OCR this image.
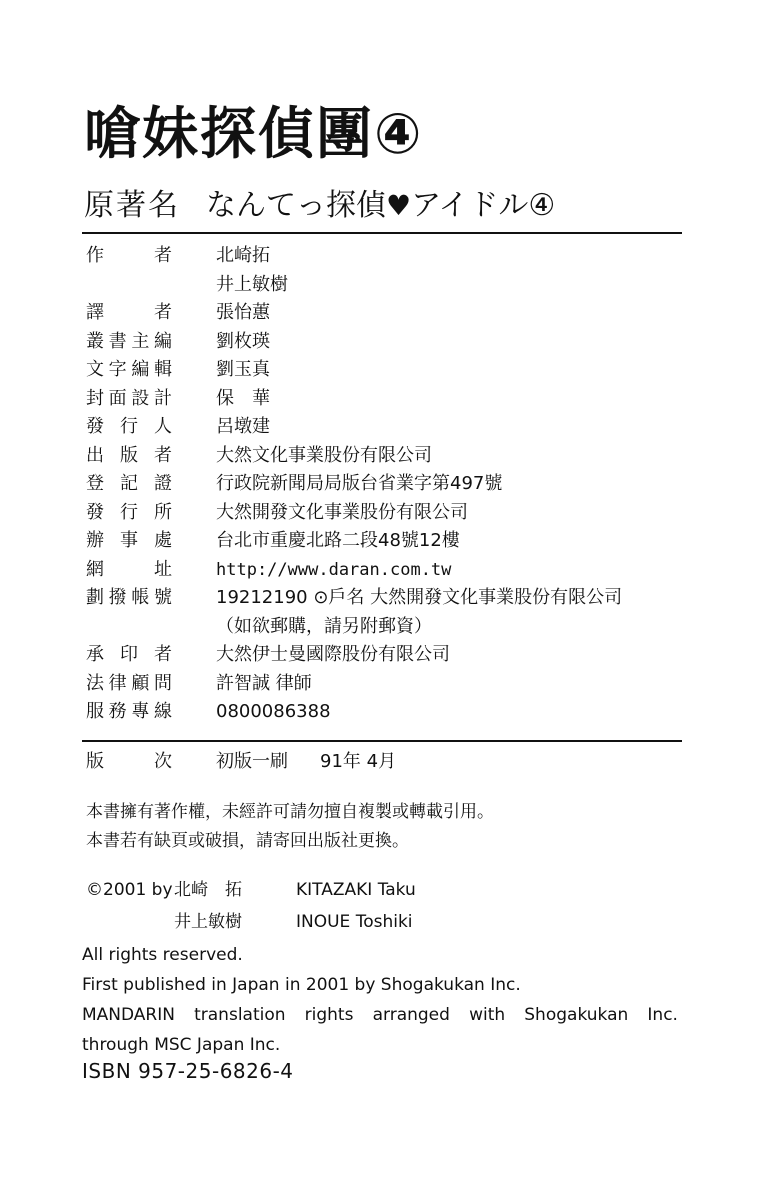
嗆妹探偵團④
原著名 なんてっ探偵♥アイドル④
作	者 北崎拓
井上敏樹
譯	者 張怡蕙
叢 書 主 編 劉枚瑛
文 字 編 輯 劉玉真
封 面 設 計 保　華
發 行 人 呂墩建
出 版 者 大然文化事業股份有限公司
登 記 證 行政院新聞局局版台省業字第497號
發 行 所 大然開發文化事業股份有限公司
辦 事 處 台北市重慶北路二段48號12樓
網	址	http://www.daran.com.tw
劃 撥 帳 號 19212190 ⊙戶名 大然開發文化事業股份有限公司
（如欲郵購，請另附郵資）
承 印 者 大然伊士曼國際股份有限公司
法 律 顧 問 許智誠 律師
服 務 專 線 0800086388
版	次 初版一刷 91年 4月
本書擁有著作權，未經許可請勿擅自複製或轉載引用。
本書若有缺頁或破損，請寄回出版社更換。
©2001 by 北崎　拓	KITAZAKI Taku
井上敏樹	INOUE Toshiki
All rights reserved.
First published in Japan in 2001 by Shogakukan Inc.
MANDARIN translation rights arranged with Shogakukan Inc.
through MSC Japan Inc.
ISBN 957-25-6826-4
